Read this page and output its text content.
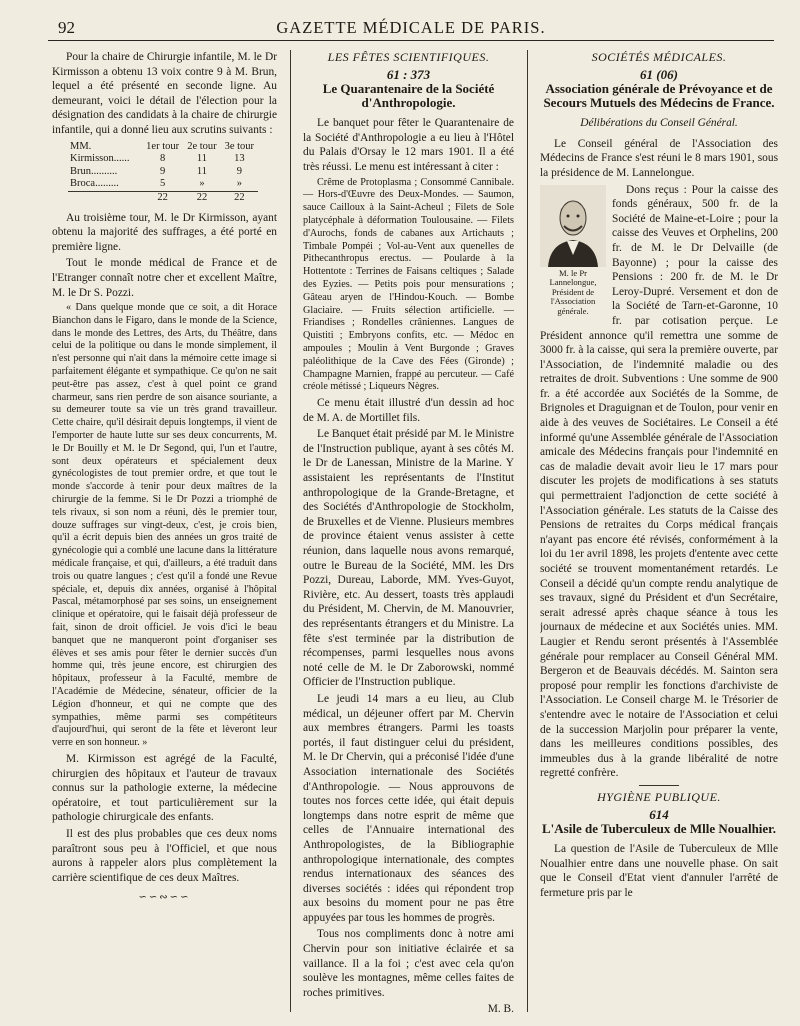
92	GAZETTE MÉDICALE DE PARIS.

Pour la chaire de Chirurgie infantile, M. le Dr Kirmisson a obtenu 13 voix contre 9 à M. Brun, lequel a été présenté en seconde ligne. Au demeurant, voici le détail de l'élection pour la désignation des candidats à la chaire de chirurgie infantile, qui a donné lieu aux scrutins suivants :

MM.	1er tour	2e tour	3e tour
Kirmisson......	8	11	13
Brun..........	9	11	9
Broca.........	5	»	»
	22	22	22

Au troisième tour, M. le Dr Kirmisson, ayant obtenu la majorité des suffrages, a été porté en première ligne.

Tout le monde médical de France et de l'Etranger connaît notre cher et excellent Maître, M. le Dr S. Pozzi.

« Dans quelque monde que ce soit, a dit Horace Bianchon dans le Figaro, dans le monde de la Science, dans le monde des Lettres, des Arts, du Théâtre, dans celui de la politique ou dans le monde simplement, il n'est personne qui n'ait dans la mémoire cette image si parfaitement élégante et sympathique. Ce qu'on ne sait peut-être pas assez, c'est à quel point ce grand charmeur, sans rien perdre de son aisance souriante, a su demeurer toute sa vie un très grand travailleur. Cette chaire, qu'il désirait depuis longtemps, il vient de l'emporter de haute lutte sur ses deux concurrents, M. le Dr Bouilly et M. le Dr Segond, qui, l'un et l'autre, sont deux opérateurs et spécialement deux gynécologistes de tout premier ordre, et que tout le monde s'accorde à tenir pour deux maîtres de la chirurgie de la femme. Si le Dr Pozzi a triomphé de tels rivaux, si son nom a réuni, dès le premier tour, douze suffrages sur vingt-deux, c'est, je crois bien, qu'il a écrit depuis bien des années un gros traité de gynécologie qui a comblé une lacune dans la littérature médicale française, et qui, d'ailleurs, a été traduit dans trois ou quatre langues ; c'est qu'il a fondé une Revue spéciale, et, depuis dix années, organisé à l'hôpital Pascal, métamorphosé par ses soins, un enseignement clinique et opératoire, qui le faisait déjà professeur de fait, sinon de droit officiel. Je vois d'ici le beau banquet que ne manqueront point d'organiser ses élèves et ses amis pour fêter le dernier succès d'un homme qui, très jeune encore, est chirurgien des hôpitaux, professeur à la Faculté, membre de l'Académie de Médecine, sénateur, officier de la Légion d'honneur, et qui ne compte que des sympathies, même parmi ses compétiteurs d'aujourd'hui, qui seront de la fête et lèveront leur verre en son honneur. »

M. Kirmisson est agrégé de la Faculté, chirurgien des hôpitaux et l'auteur de travaux connus sur la pathologie externe, la médecine opératoire, et tout particulièrement sur la pathologie chirurgicale des enfants.

Il est des plus probables que ces deux noms paraîtront sous peu à l'Officiel, et que nous aurons à rappeler alors plus complètement la carrière scientifique de ces deux Maîtres.

∽∽∾∽∽

LES FÊTES SCIENTIFIQUES.

61 : 373

Le Quarantenaire de la Société d'Anthropologie.

Le banquet pour fêter le Quarantenaire de la Société d'Anthropologie a eu lieu à l'Hôtel du Palais d'Orsay le 12 mars 1901. Il a été très réussi. Le menu est intéressant à citer :

Crême de Protoplasma ; Consommé Cannibale. — Hors-d'Œuvre des Deux-Mondes. — Saumon, sauce Cailloux à la Saint-Acheul ; Filets de Sole platycéphale à déformation Toulousaine. — Filets d'Aurochs, fonds de cabanes aux Artichauts ; Timbale Pompéi ; Vol-au-Vent aux quenelles de Pithecanthropus erectus. — Poularde à la Hottentote : Terrines de Faisans celtiques ; Salade des Eyzies. — Petits pois pour mensurations ; Gâteau aryen de l'Hindou-Kouch. — Bombe Glaciaire. — Fruits sélection artificielle. — Friandises ; Rondelles crâniennes. Langues de Quistiti ; Embryons confits, etc. — Médoc en ampoules ; Moulin à Vent Burgonde ; Graves paléolithique de la Cave des Fées (Gironde) ; Champagne Marnien, frappé au percuteur. — Café créole métissé ; Liqueurs Nègres.

Ce menu était illustré d'un dessin ad hoc de M. A. de Mortillet fils.

Le Banquet était présidé par M. le Ministre de l'Instruction publique, ayant à ses côtés M. le Dr de Lanessan, Ministre de la Marine. Y assistaient les représentants de l'Institut anthropologique de la Grande-Bretagne, et des Sociétés d'Anthropologie de Stockholm, de Bruxelles et de Vienne. Plusieurs membres de province étaient venus assister à cette réunion, dans laquelle nous avons remarqué, outre le Bureau de la Société, MM. les Drs Pozzi, Dureau, Laborde, MM. Yves-Guyot, Rivière, etc. Au dessert, toasts très applaudi du Président, M. Chervin, de M. Manouvrier, des représentants étrangers et du Ministre. La fête s'est terminée par la distribution de récompenses, parmi lesquelles nous avons noté celle de M. le Dr Zaborowski, nommé Officier de l'Instruction publique.

Le jeudi 14 mars a eu lieu, au Club médical, un déjeuner offert par M. Chervin aux membres étrangers. Parmi les toasts portés, il faut distinguer celui du président, M. le Dr Chervin, qui a préconisé l'idée d'une Association internationale des Sociétés d'Anthropologie. — Nous approuvons de toutes nos forces cette idée, qui était depuis longtemps dans notre esprit de même que celles de l'Annuaire international des Anthropologistes, de la Bibliographie anthropologique internationale, des comptes rendus internationaux des séances des diverses sociétés : idées qui répondent trop aux besoins du moment pour ne pas être appuyées par tous les hommes de progrès.

Tous nos compliments donc à notre ami Chervin pour son initiative éclairée et sa vaillance. Il a la foi ; c'est avec cela qu'on soulève les montagnes, même celles faites de roches primitives.

M. B.

SOCIÉTÉS MÉDICALES.

61 (06)

Association générale de Prévoyance et de Secours Mutuels des Médecins de France.

Délibérations du Conseil Général.

Le Conseil général de l'Association des Médecins de France s'est réuni le 8 mars 1901, sous la présidence de M. Lannelongue.

M. le Pr Lannelongue, Président de l'Association générale.

Dons reçus : Pour la caisse des fonds généraux, 500 fr. de la Société de Maine-et-Loire ; pour la caisse des Veuves et Orphelins, 200 fr. de M. le Dr Delvaille (de Bayonne) ; pour la caisse des Pensions : 200 fr. de M. le Dr Leroy-Dupré. Versement et don de la Société de Tarn-et-Garonne, 10 fr. par cotisation perçue. Le Président annonce qu'il remettra une somme de 3000 fr. à la caisse, qui sera la première ouverte, par l'Association, de l'indemnité maladie ou des retraites de droit. Subventions : Une somme de 900 fr. a été accordée aux Sociétés de la Somme, de Brignoles et Draguignan et de Toulon, pour venir en aide à des veuves de Sociétaires. Le Conseil a été informé qu'une Assemblée générale de l'Association amicale des Médecins français pour l'indemnité en cas de maladie devait avoir lieu le 17 mars pour discuter les projets de modifications à ses statuts qui permettraient l'adjonction de cette société à l'Association générale. Les statuts de la Caisse des Pensions de retraites du Corps médical français n'ayant pas encore été révisés, conformément à la loi du 1er avril 1898, les projets d'entente avec cette société se trouvent momentanément retardés. Le Conseil a décidé qu'un compte rendu analytique de ses travaux, signé du Président et d'un Secrétaire, serait adressé après chaque séance à tous les journaux de médecine et aux Sociétés unies. MM. Laugier et Rendu seront présentés à l'Assemblée générale pour remplacer au Conseil Général MM. Bergeron et de Beauvais décédés. M. Sainton sera proposé pour remplir les fonctions d'archiviste de l'Association. Le Conseil charge M. le Trésorier de s'entendre avec le notaire de l'Association et celui de la succession Marjolin pour préparer la vente, dans les meilleures conditions possibles, des immeubles dus à la grande libéralité de notre regretté confrère.

HYGIÈNE PUBLIQUE.

614

L'Asile de Tuberculeux de Mlle Noualhier.

La question de l'Asile de Tuberculeux de Mlle Noualhier entre dans une nouvelle phase. On sait que le Conseil d'Etat vient d'annuler l'arrêté de fermeture pris par le
